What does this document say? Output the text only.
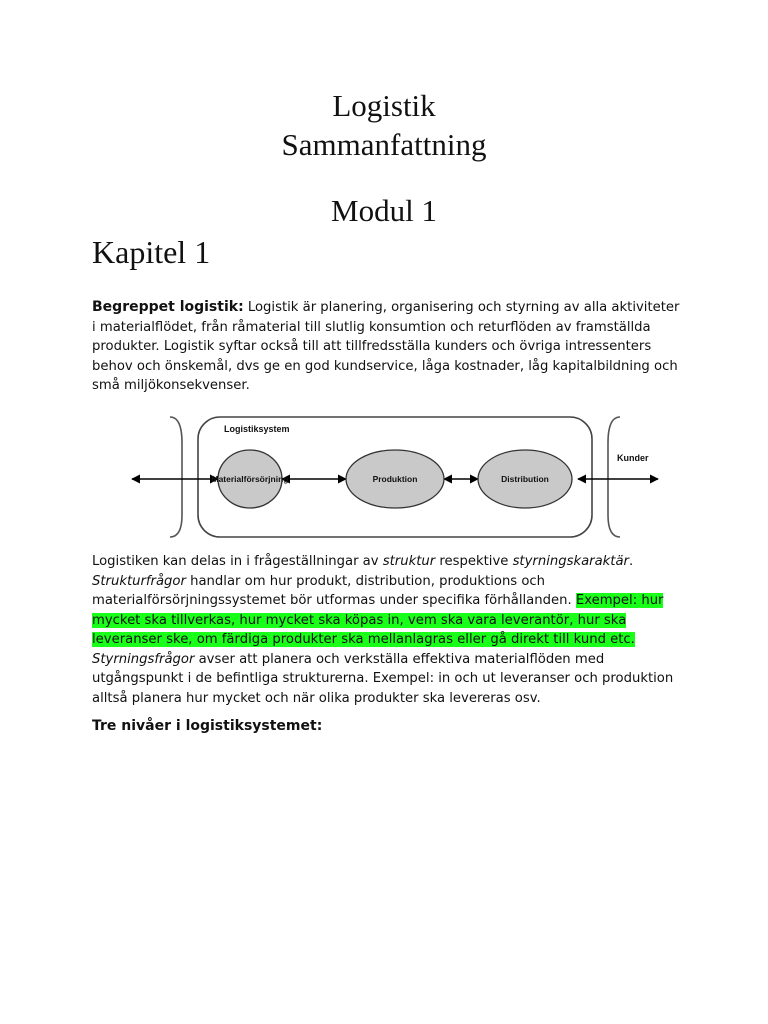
Logistik
Sammanfattning
Modul 1
Kapitel 1
Begreppet logistik: Logistik är planering, organisering och styrning av alla aktiviteter i materialflödet, från råmaterial till slutlig konsumtion och returflöden av framställda produkter. Logistik syftar också till att tillfredsställa kunders och övriga intressenters behov och önskemål, dvs ge en god kundservice, låga kostnader, låg kapitalbildning och små miljökonsekvenser.
Logistiksystem
Kunder
Materialförsörjning	Produktion	Distribution
Logistiken kan delas in i frågeställningar av struktur respektive styrningskaraktär. Strukturfrågor handlar om hur produkt, distribution, produktions och materialförsörjningssystemet bör utformas under specifika förhållanden. Exempel: hur mycket ska tillverkas, hur mycket ska köpas in, vem ska vara leverantör, hur ska leveranser ske, om färdiga produkter ska mellanlagras eller gå direkt till kund etc.
Styrningsfrågor avser att planera och verkställa effektiva materialflöden med utgångspunkt i de befintliga strukturerna. Exempel: in och ut leveranser och produktion alltså planera hur mycket och när olika produkter ska levereras osv.
Tre nivåer i logistiksystemet:
